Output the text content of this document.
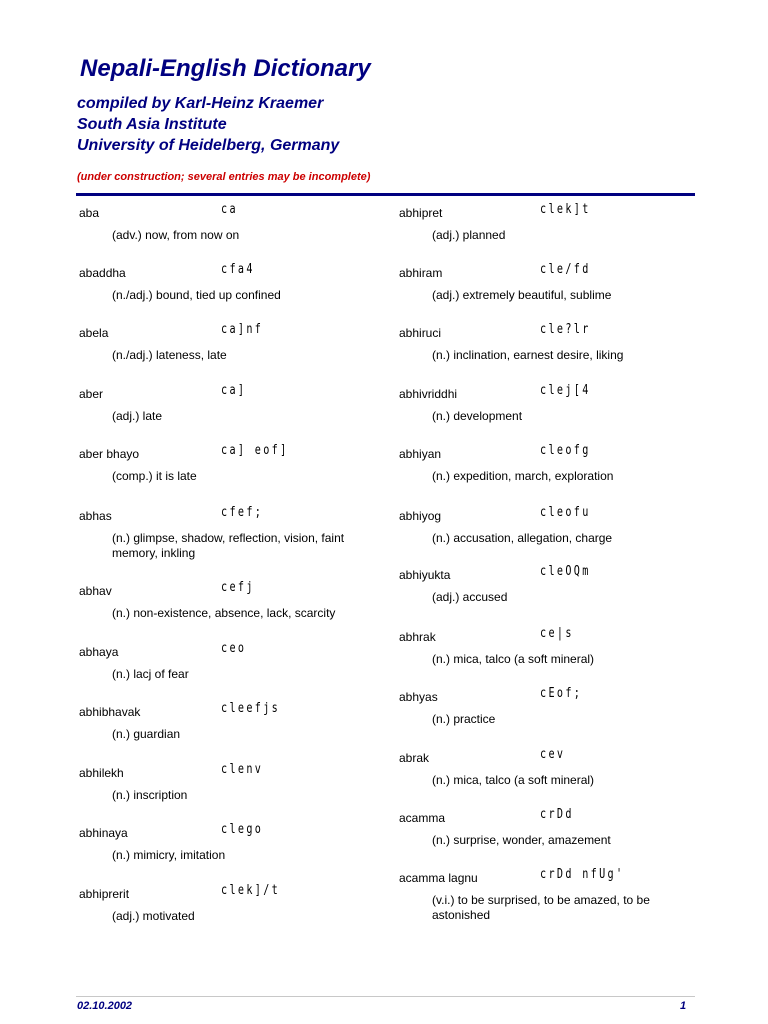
Nepali-English Dictionary
compiled by Karl-Heinz Kraemer
South Asia Institute
University of Heidelberg, Germany
(under construction; several entries may be incomplete)
aba	ca
(adv.) now, from now on
abaddha	cfa4
(n./adj.) bound, tied up confined
abela	ca]nf
(n./adj.) lateness, late
aber	ca]
(adj.) late
aber bhayo	ca] eof]
(comp.) it is late
abhas	cfef;
(n.) glimpse, shadow, reflection, vision, faint memory, inkling
abhav	cefj
(n.) non-existence, absence, lack, scarcity
abhaya	ceo
(n.) lacj of fear
abhibhavak	cleefjs
(n.) guardian
abhilekh	clenv
(n.) inscription
abhinaya	clego
(n.) mimicry, imitation
abhiprerit	clek]/t
(adj.) motivated
abhipret	clek]t
(adj.) planned
abhiram	cle/fd
(adj.) extremely beautiful, sublime
abhiruci	cle?lr
(n.) inclination, earnest desire, liking
abhivriddhi	clej[4
(n.) development
abhiyan	cleofg
(n.) expedition, march, exploration
abhiyog	cleofu
(n.) accusation, allegation, charge
abhiyukta	cleOQm
(adj.) accused
abhrak	ce|s
(n.) mica, talco (a soft mineral)
abhyas	cEof;
(n.) practice
abrak	cev
(n.) mica, talco (a soft mineral)
acamma	crDd
(n.) surprise, wonder, amazement
acamma lagnu	crDd nfUg'
(v.i.) to be surprised, to be amazed, to be astonished
02.10.2002	1
